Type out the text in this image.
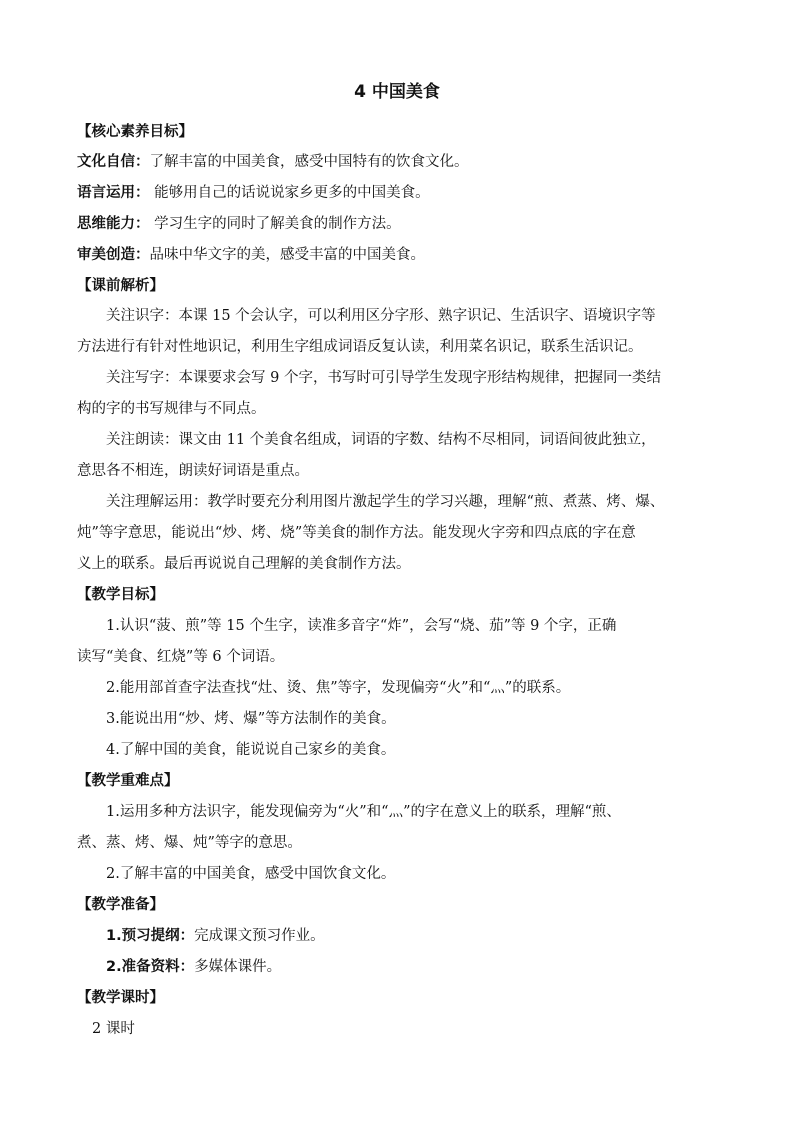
4 中国美食
【核心素养目标】
文化自信：了解丰富的中国美食，感受中国特有的饮食文化。
语言运用： 能够用自己的话说说家乡更多的中国美食。
思维能力： 学习生字的同时了解美食的制作方法。
审美创造：品味中华文字的美，感受丰富的中国美食。
【课前解析】
关注识字：本课 15 个会认字，可以利用区分字形、熟字识记、生活识字、语境识字等
方法进行有针对性地识记，利用生字组成词语反复认读，利用菜名识记，联系生活识记。
关注写字：本课要求会写 9 个字，书写时可引导学生发现字形结构规律，把握同一类结
构的字的书写规律与不同点。
关注朗读：课文由 11 个美食名组成，词语的字数、结构不尽相同，词语间彼此独立，
意思各不相连，朗读好词语是重点。
关注理解运用：教学时要充分利用图片激起学生的学习兴趣，理解“煎、煮蒸、烤、爆、
炖”等字意思，能说出“炒、烤、烧”等美食的制作方法。能发现火字旁和四点底的字在意
义上的联系。最后再说说自己理解的美食制作方法。
【教学目标】
1.认识“菠、煎”等 15 个生字，读准多音字“炸”，会写“烧、茄”等 9 个字，正确
读写“美食、红烧”等 6 个词语。
2.能用部首查字法查找“灶、烫、焦”等字，发现偏旁“火”和“灬”的联系。
3.能说出用“炒、烤、爆”等方法制作的美食。
4.了解中国的美食，能说说自己家乡的美食。
【教学重难点】
1.运用多种方法识字，能发现偏旁为“火”和“灬”的字在意义上的联系，理解“煎、
煮、蒸、烤、爆、炖”等字的意思。
2.了解丰富的中国美食，感受中国饮食文化。
【教学准备】
1.预习提纲：完成课文预习作业。
2.准备资料：多媒体课件。
【教学课时】
2 课时
